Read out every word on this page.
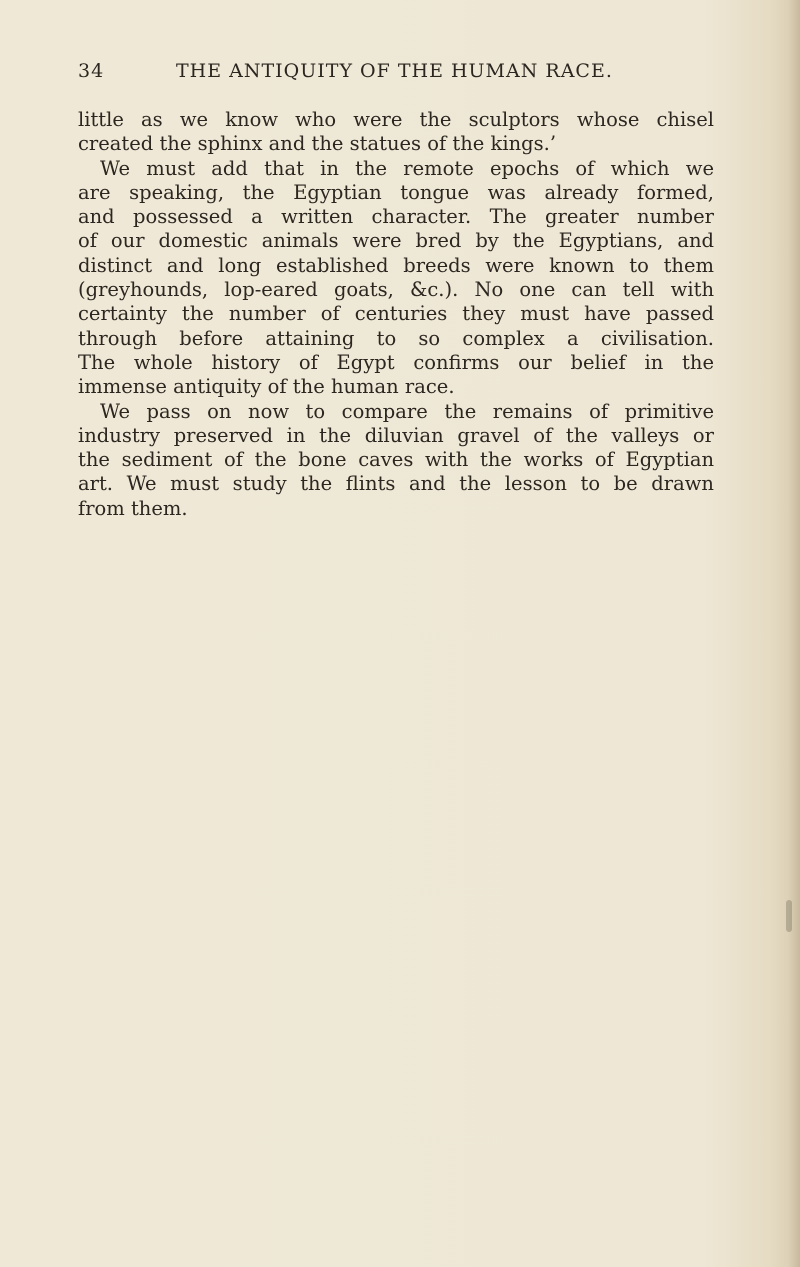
34	THE ANTIQUITY OF THE HUMAN RACE.
little as we know who were the sculptors whose chisel
created the sphinx and the statues of the kings.’
We must add that in the remote epochs of which we
are speaking, the Egyptian tongue was already formed,
and possessed a written character. The greater number
of our domestic animals were bred by the Egyptians, and
distinct and long established breeds were known to them
(greyhounds, lop-eared goats, &c.). No one can tell with
certainty the number of centuries they must have passed
through before attaining to so complex a civilisation.
The whole history of Egypt confirms our belief in the
immense antiquity of the human race.
We pass on now to compare the remains of primitive
industry preserved in the diluvian gravel of the valleys or
the sediment of the bone caves with the works of Egyptian
art. We must study the flints and the lesson to be drawn
from them.
